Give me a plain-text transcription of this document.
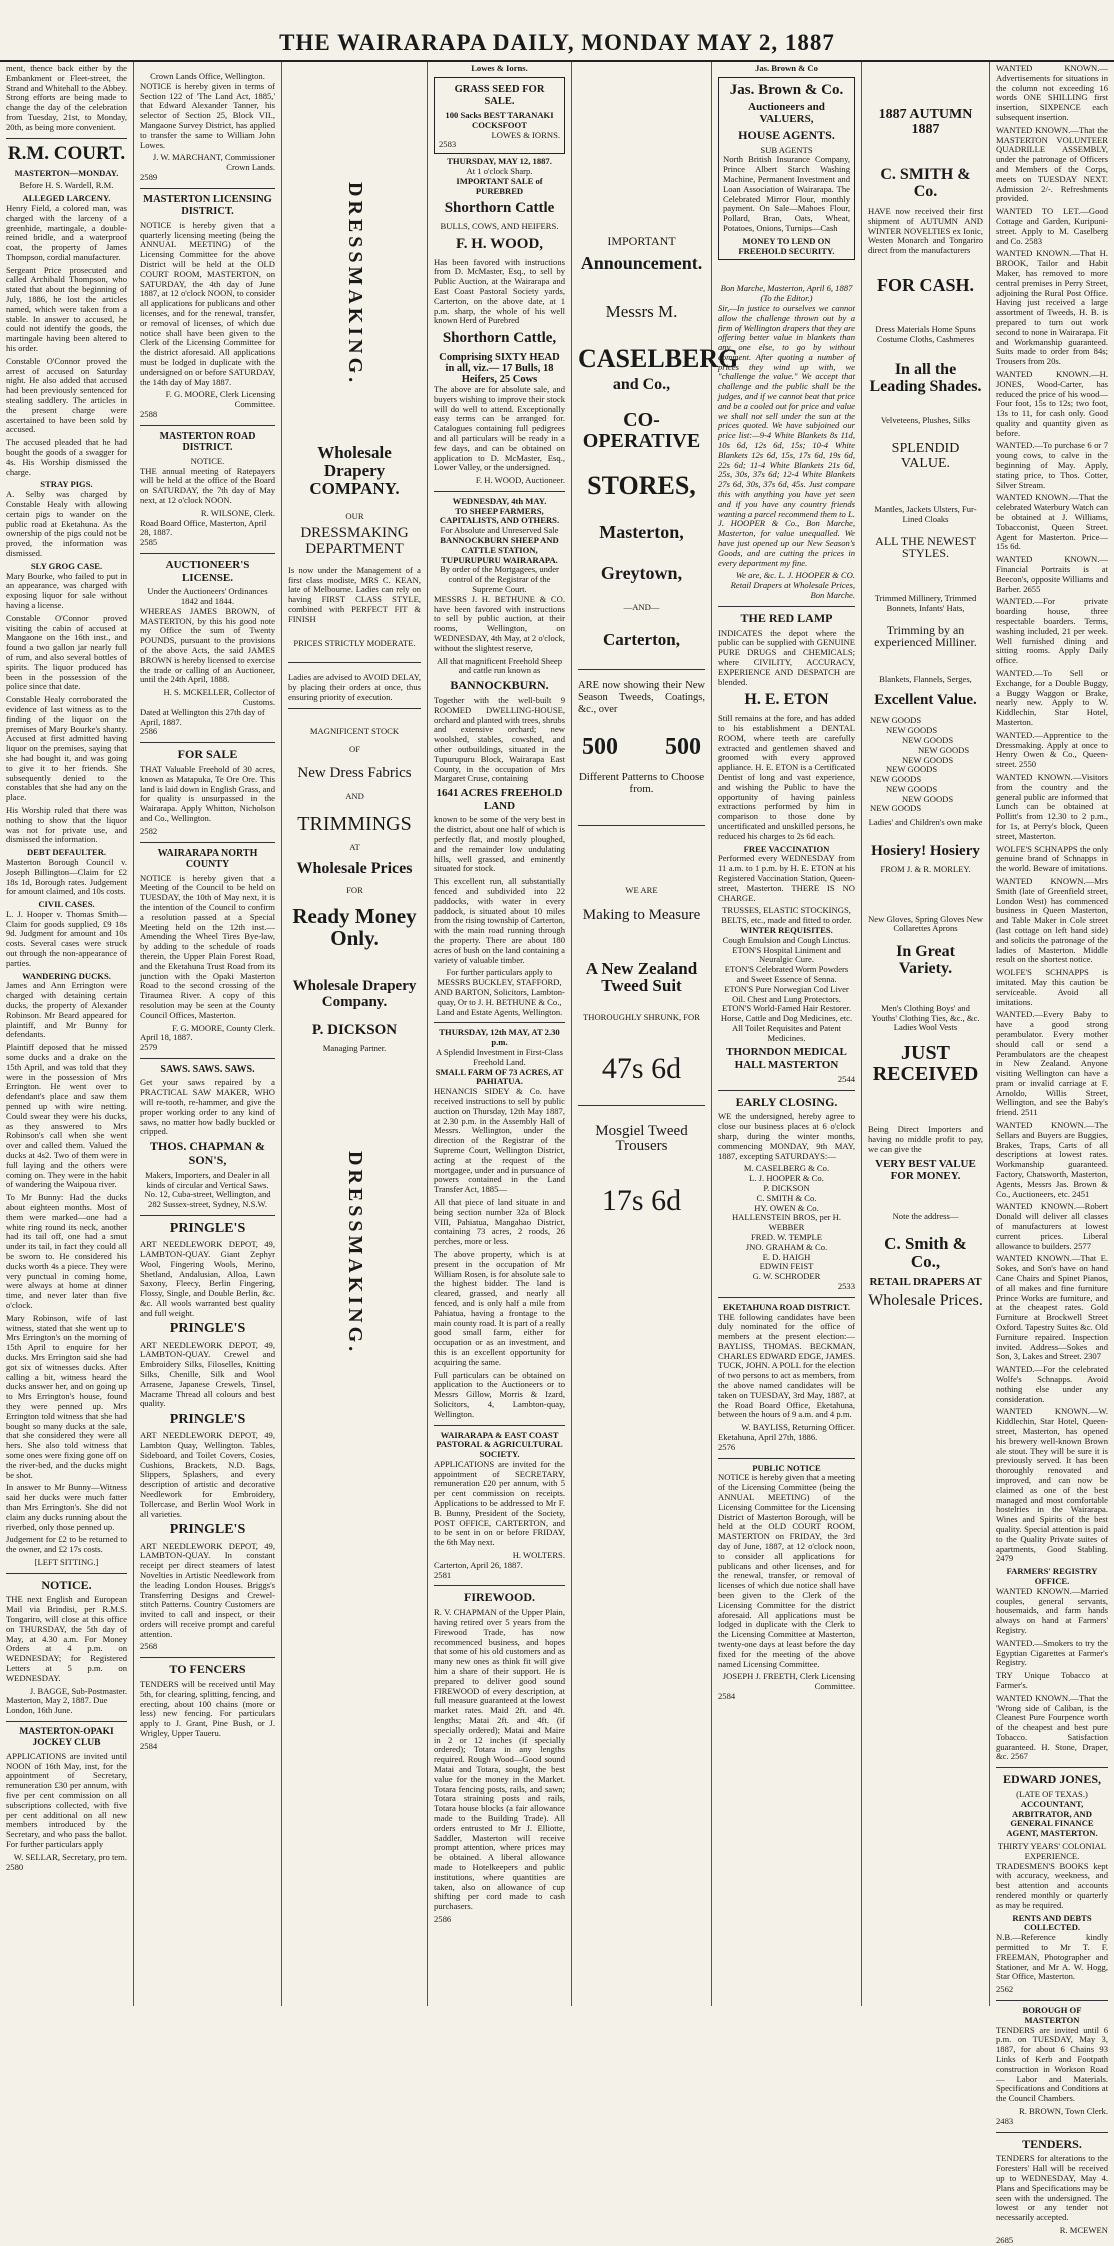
THE WAIRARAPA DAILY, MONDAY MAY 2, 1887

ment, thence back either by the Embankment or Fleet-street, the Strand and Whitehall to the Abbey. Strong efforts are being made to change the day of the celebration from Tuesday, 21st, to Monday, 20th, as being more convenient.

R.M. COURT.
MASTERTON—MONDAY.
Before H. S. Wardell, R.M.
ALLEGED LARCENY.

Henry Field, a colored man, was charged with the larceny of a greenhide, martingale, a double-reined bridle, and a waterproof coat, the property of James Thompson, cordial manufacturer.

Sergeant Price prosecuted and called Archibald Thompson, who stated that about the beginning of July, 1886, he lost the articles named, which were taken from a stable. In answer to accused, he could not identify the goods, the martingale having been altered to his order.

Constable O'Connor proved the arrest of accused on Saturday night. He also added that accused had been previously sentenced for stealing saddlery. The articles in the present charge were ascertained to have been sold by accused.

The accused pleaded that he had bought the goods of a swagger for 4s. His Worship dismissed the charge.

STRAY PIGS.

A. Selby was charged by Constable Healy with allowing certain pigs to wander on the public road at Eketahuna. As the ownership of the pigs could not be proved, the information was dismissed.

SLY GROG CASE.

Mary Bourke, who failed to put in an appearance, was charged with exposing liquor for sale without having a license.

Constable O'Connor proved visiting the cabin of accused at Mangaone on the 16th inst., and found a two gallon jar nearly full of rum, and also several bottles of spirits. The liquor produced has been in the possession of the police since that date.

Constable Healy corroborated the evidence of last witness as to the finding of the liquor on the premises of Mary Bourke's shanty. Accused at first admitted having liquor on the premises, saying that she had bought it, and was going to give it to her friends. She subsequently denied to the constables that she had any on the place.

His Worship ruled that there was nothing to show that the liquor was not for private use, and dismissed the information.

DEBT DEFAULTER.

Masterton Borough Council v. Joseph Billington—Claim for £2 18s 1d, Borough rates. Judgement for amount claimed, and 10s costs.

CIVIL CASES.

L. J. Hooper v. Thomas Smith—Claim for goods supplied, £9 18s 9d. Judgment for amount and 10s costs. Several cases were struck out through the non-appearance of parties.

WANDERING DUCKS.

James and Ann Errington were charged with detaining certain ducks, the property of Alexander Robinson. Mr Beard appeared for plaintiff, and Mr Bunny for defendants.

Plaintiff deposed that he missed some ducks and a drake on the 15th April, and was told that they were in the possession of Mrs Errington. He went over to defendant's place and saw them penned up with wire netting. Could swear they were his ducks, as they answered to Mrs Robinson's call when she went over and called them. Valued the ducks at 4s2. Two of them were in full laying and the others were coming on. They were in the habit of wandering the Waipoua river.

To Mr Bunny: Had the ducks about eighteen months. Most of them were marked—one had a white ring round its neck, another had its tail off, one had a smut under its tail, in fact they could all be sworn to. He considered his ducks worth 4s a piece. They were very punctual in coming home, were always at home at dinner time, and never later than five o'clock.

Mary Robinson, wife of last witness, stated that she went up to Mrs Errington's on the morning of 15th April to enquire for her ducks. Mrs Errington said she had got six of witnesses ducks. After calling a bit, witness heard the ducks answer her, and on going up to Mrs Errington's house, found they were penned up. Mrs Errington told witness that she had bought so many ducks at the sale, that she considered they were all hers. She also told witness that some ones were fixing gone off on the river-bed, and the ducks might be shot.

In answer to Mr Bunny—Witness said her ducks were much fatter than Mrs Errington's. She did not claim any ducks running about the riverbed, only those penned up.

Judgement for £2 to be returned to the owner, and £2 17s costs.

[LEFT SITTING.]
NOTICE.

THE next English and European Mail via Brindisi, per R.M.S. Tongariro, will close at this office on THURSDAY, the 5th day of May, at 4.30 a.m. For Money Orders at 4 p.m. on WEDNESDAY; for Registered Letters at 5 p.m. on WEDNESDAY.

J. BAGGE, Sub-Postmaster.
Masterton, May 2, 1887. Due London, 16th June.
MASTERTON-OPAKI JOCKEY CLUB

APPLICATIONS are invited until NOON of 16th May, inst, for the appointment of Secretary, remuneration £30 per annum, with five per cent commission on all subscriptions collected, with five per cent additional on all new members introduced by the Secretary, and who pass the ballot. For further particulars apply

W. SELLAR, Secretary, pro tem.
2580
Crown Lands Office, Wellington.

NOTICE is hereby given in terms of Section 122 of 'The Land Act, 1885,' that Edward Alexander Tanner, his selector of Section 25, Block VII., Mangaone Survey District, has applied to transfer the same to William John Lowes.

J. W. MARCHANT, Commissioner Crown Lands.
2589
MASTERTON LICENSING DISTRICT.

NOTICE is hereby given that a quarterly licensing meeting (being the ANNUAL MEETING) of the Licensing Committee for the above District will be held at the OLD COURT ROOM, MASTERTON, on SATURDAY, the 4th day of June 1887, at 12 o'clock NOON, to consider all applications for publicans and other licenses, and for the renewal, transfer, or removal of licenses, of which due notice shall have been given to the Clerk of the Licensing Committee for the district aforesaid. All applications must be lodged in duplicate with the undersigned on or before SATURDAY, the 14th day of May 1887.

F. G. MOORE, Clerk Licensing Committee.
2588
MASTERTON ROAD DISTRICT.
NOTICE.

THE annual meeting of Ratepayers will be held at the office of the Board on SATURDAY, the 7th day of May next, at 12 o'clock NOON.

R. WILSONE, Clerk.
Road Board Office, Masterton, April 28, 1887.
2585
AUCTIONEER'S LICENSE.
Under the Auctioneers' Ordinances 1842 and 1844.

WHEREAS JAMES BROWN, of MASTERTON, by this his good note my Office the sum of Twenty POUNDS, pursuant to the provisions of the above Acts, the said JAMES BROWN is hereby licensed to exercise the trade or calling of an Auctioneer, until the 24th April, 1888.

H. S. MCKELLER, Collector of Customs.
Dated at Wellington this 27th day of April, 1887.
2586
FOR SALE

THAT Valuable Freehold of 30 acres, known as Matapuka, Te Ore Ore. This land is laid down in English Grass, and for quality is unsurpassed in the Wairarapa. Apply Whitton, Nicholson and Co., Wellington.

2582
WAIRARAPA NORTH COUNTY

NOTICE is hereby given that a Meeting of the Council to be held on TUESDAY, the 10th of May next, it is the intention of the Council to confirm a resolution passed at a Special Meeting held on the 12th inst.—Amending the Wheel Tires Bye-law, by adding to the schedule of roads therein, the Upper Plain Forest Road, and the Eketahuna Trust Road from its junction with the Opaki Masterton Road to the second crossing of the Tiraumea River. A copy of this resolution may be seen at the County Council Offices, Masterton.

F. G. MOORE, County Clerk.
April 18, 1887.
2579
SAWS. SAWS. SAWS.

Get your saws repaired by a PRACTICAL SAW MAKER, WHO will re-tooth, re-hammer, and give the proper working order to any kind of saws, no matter how badly buckled or cripped.

THOS. CHAPMAN & SON'S,

Makers, Importers, and Dealer in all kinds of circular and Vertical Saws. No. 12, Cuba-street, Wellington, and 282 Sussex-street, Sydney, N.S.W.

PRINGLE'S

ART NEEDLEWORK DEPOT, 49, LAMBTON-QUAY. Giant Zephyr Wool, Fingering Wools, Merino, Shetland, Andalusian, Alloa, Lawn Saxony, Fleecy, Berlin Fingering, Flossy, Single, and Double Berlin, &c. &c. All wools warranted best quality and full weight.

PRINGLE'S

ART NEEDLEWORK DEPOT, 49, LAMBTON-QUAY. Crewel and Embroidery Silks, Filoselles, Knitting Silks, Chenille, Silk and Wool Arrasene, Japanese Crewels, Tinsel, Macrame Thread all colours and best quality.

PRINGLE'S

ART NEEDLEWORK DEPOT, 49, Lambton Quay, Wellington. Tables, Sideboard, and Toilet Covers, Cosies, Cushions, Brackets, N.D. Bags, Slippers, Splashers, and every description of artistic and decorative Needlework for Embroidery, Tollercase, and Berlin Wool Work in all varieties.

PRINGLE'S

ART NEEDLEWORK DEPOT, 49, LAMBTON-QUAY. In constant receipt per direct steamers of latest Novelties in Artistic Needlework from the leading London Houses. Briggs's Transferring Designs and Crewel-stitch Patterns. Country Customers are invited to call and inspect, or their orders will receive prompt and careful attention.

2568
TO FENCERS

TENDERS will be received until May 5th, for clearing, splitting, fencing, and erecting, about 100 chains (more or less) new fencing. For particulars apply to J. Grant, Pine Bush, or J. Wrigley, Upper Taueru.

2584
DRESSMAKING.
Wholesale Drapery COMPANY.
OUR
DRESSMAKING DEPARTMENT

Is now under the Management of a first class modiste, MRS C. KEAN, late of Melbourne. Ladies can rely on having FIRST CLASS STYLE, combined with PERFECT FIT & FINISH

PRICES STRICTLY MODERATE.

Ladies are advised to AVOID DELAY, by placing their orders at once, thus ensuring priority of execution.

MAGNIFICENT STOCK
OF
New Dress Fabrics
AND
TRIMMINGS
AT
Wholesale Prices
FOR
Ready Money Only.
Wholesale Drapery Company.
P. DICKSON
Managing Partner.
DRESSMAKING.
Lowes & Iorns.
GRASS SEED FOR SALE.
100 Sacks BEST TARANAKI COCKSFOOT
LOWES & IORNS.
2583
THURSDAY, MAY 12, 1887.
At 1 o'clock Sharp.
IMPORTANT SALE of PUREBRED
Shorthorn Cattle
BULLS, COWS, AND HEIFERS.
F. H. WOOD,

Has been favored with instructions from D. McMaster, Esq., to sell by Public Auction, at the Wairarapa and East Coast Pastoral Society yards, Carterton, on the above date, at 1 p.m. sharp, the whole of his well known Herd of Purebred

Shorthorn Cattle,
Comprising SIXTY HEAD in all, viz.— 17 Bulls, 18 Heifers, 25 Cows

The above are for absolute sale, and buyers wishing to improve their stock will do well to attend. Exceptionally easy terms can be arranged for. Catalogues containing full pedigrees and all particulars will be ready in a few days, and can be obtained on application to D. McMaster, Esq., Lower Valley, or the undersigned.

F. H. WOOD, Auctioneer.
WEDNESDAY, 4th MAY.
TO SHEEP FARMERS, CAPITALISTS, AND OTHERS.
For Absolute and Unreserved Sale
BANNOCKBURN SHEEP AND CATTLE STATION, TUPURUPURU WAIRARAPA.
By order of the Mortgagees, under control of the Registrar of the Supreme Court.

MESSRS J. H. BETHUNE & CO. have been favored with instructions to sell by public auction, at their rooms, Wellington, on WEDNESDAY, 4th May, at 2 o'clock, without the slightest reserve,

All that magnificent Freehold Sheep and cattle run known as
BANNOCKBURN.

Together with the well-built 9 ROOMED DWELLING-HOUSE, orchard and planted with trees, shrubs and extensive orchard; new woolshed, stables, cowshed, and other outbuildings, situated in the Tupurupuru Block, Wairarapa East County, in the occupation of Mrs Margaret Cruse, containing

1641 ACRES FREEHOLD LAND

known to be some of the very best in the district, about one half of which is perfectly flat, and mostly ploughed, and the remainder low undulating hills, well grassed, and eminently situated for stock.

This excellent run, all substantially fenced and subdivided into 22 paddocks, with water in every paddock, is situated about 10 miles from the rising township of Carterton, with the main road running through the property. There are about 180 acres of bush on the land containing a variety of valuable timber.

For further particulars apply to MESSRS BUCKLEY, STAFFORD, AND BARTON, Solicitors, Lambton-quay, Or to J. H. BETHUNE & Co., Land and Estate Agents, Wellington.

THURSDAY, 12th MAY, AT 2.30 p.m.
A Splendid Investment in First-Class Freehold Land.
SMALL FARM OF 73 ACRES, AT PAHIATUA.

HENANCIS SIDEY & Co. have received instructions to sell by public auction on Thursday, 12th May 1887, at 2.30 p.m. in the Assembly Hall of Messrs. Wellington, under the direction of the Registrar of the Supreme Court, Wellington District, acting at the request of the mortgagee, under and in pursuance of powers contained in the Land Transfer Act, 1885—

All that piece of land situate in and being section number 32a of Block VIII, Pahiatua, Mangahao District, containing 73 acres, 2 roods, 26 perches, more or less.

The above property, which is at present in the occupation of Mr William Rosen, is for absolute sale to the highest bidder. The land is cleared, grassed, and nearly all fenced, and is only half a mile from Pahiatua, having a frontage to the main county road. It is part of a really good small farm, either for occupation or as an investment, and this is an excellent opportunity for acquiring the same.

Full particulars can be obtained on application to the Auctioneers or to Messrs Gillow, Morris & Izard, Solicitors, 4, Lambton-quay, Wellington.

WAIRARAPA & EAST COAST PASTORAL & AGRICULTURAL SOCIETY.

APPLICATIONS are invited for the appointment of SECRETARY, remuneration £20 per annum, with 5 per cent commission on receipts. Applications to be addressed to Mr F. B. Bunny, President of the Society, POST OFFICE, CARTERTON, and to be sent in on or before FRIDAY, the 6th May next.

H. WOLTERS.
Carterton, April 26, 1887.
2581
FIREWOOD.

R. V. CHAPMAN of the Upper Plain, having retired over 5 years from the Firewood Trade, has now recommenced business, and hopes that some of his old customers and as many new ones as think fit will give him a share of their support. He is prepared to deliver good sound FIREWOOD of every description, at full measure guaranteed at the lowest market rates. Maid 2ft. and 4ft. lengths; Matai 2ft. and 4ft. (if specially ordered); Matai and Maire in 2 or 12 inches (if specially ordered); Totara in any lengths required. Rough Wood—Good sound Matai and Totara, sought, the best value for the money in the Market. Totara fencing posts, rails, and sawn; Totara straining posts and rails, Totara house blocks (a fair allowance made to the Building Trade). All orders entrusted to Mr J. Elliotte, Saddler, Masterton will receive prompt attention, where prices may be obtained. A liberal allowance made to Hotelkeepers and public institutions, where quantities are taken, also on allowance of cup shifting per cord made to cash purchasers.

2586
IMPORTANT
Announcement.
Messrs M.
CASELBERG
and Co.,
CO-OPERATIVE
STORES,
Masterton,
Greytown,
—AND—
Carterton,

ARE now showing their New Season Tweeds, Coatings, &c., over

500 500
Different Patterns to Choose from.
WE ARE
Making to Measure
A New Zealand Tweed Suit
THOROUGHLY SHRUNK, FOR
47s 6d
Mosgiel Tweed Trousers
17s 6d
Jas. Brown & Co
Jas. Brown & Co.
Auctioneers and VALUERS,
HOUSE AGENTS.
SUB AGENTS

North British Insurance Company, Prince Albert Starch Washing Machine, Permanent Investment and Loan Association of Wairarapa. The Celebrated Mirror Flour, monthly payment. On Sale—Mahoes Flour, Pollard, Bran, Oats, Wheat, Potatoes, Onions, Turnips—Cash

MONEY TO LEND ON FREEHOLD SECURITY.
Bon Marche, Masterton, April 6, 1887 (To the Editor.)

Sir,—In justice to ourselves we cannot allow the challenge thrown out by a firm of Wellington drapers that they are offering better value in blankets than any one else, to go by without comment. After quoting a number of prices they wind up with, we "challenge the value." We accept that challenge and the public shall be the judges, and if we cannot beat that price and be a cooled out for price and value we shall not sell under the sun at the prices quoted. We have subjoined our price list:—9-4 White Blankets 8s 11d, 10s 6d, 12s 6d, 15s; 10-4 White Blankets 12s 6d, 15s, 17s 6d, 19s 6d, 22s 6d; 11-4 White Blankets 21s 6d, 25s, 30s, 37s 6d; 12-4 White Blankets 27s 6d, 30s, 37s 6d, 45s. Just compare this with anything you have yet seen and if you have any country friends wanting a parcel recommend them to L. J. HOOPER & Co., Bon Marche, Masterton, for value unequalled. We have just opened up our New Season's Goods, and are cutting the prices in every department my fine.

We are, &c. L. J. HOOPER & CO. Retail Drapers at Wholesale Prices, Bon Marche.
THE RED LAMP

INDICATES the depot where the public can be supplied with GENUINE PURE DRUGS and CHEMICALS; where CIVILITY, ACCURACY, EXPERIENCE AND DESPATCH are blended.

H. E. ETON

Still remains at the fore, and has added to his establishment a DENTAL ROOM, where teeth are carefully extracted and gentlemen shaved and groomed with every approved appliance. H. E. ETON is a Certificated Dentist of long and vast experience, and wishing the Public to have the opportunity of having painless extractions performed by him in comparison to those done by uncertificated and unskilled persons, he reduced his charges to 2s 6d each.

FREE VACCINATION

Performed every WEDNESDAY from 11 a.m. to 1 p.m. by H. E. ETON at his Registered Vaccination Station, Queen-street, Masterton. THERE IS NO CHARGE.

TRUSSES, ELASTIC STOCKINGS, BELTS, etc., made and fitted to order.
WINTER REQUISITES.
Cough Emulsion and Cough Linctus.
ETON'S Hospital Liniment and Neuralgic Cure.
ETON'S Celebrated Worm Powders and Sweet Essence of Senna.
ETON'S Pure Norwegian Cod Liver Oil. Chest and Lung Protectors.
ETON'S World-Famed Hair Restorer. Horse, Cattle and Dog Medicines, etc.
All Toilet Requisites and Patent Medicines.
THORNDON MEDICAL HALL MASTERTON
2544
EARLY CLOSING.

WE the undersigned, hereby agree to close our business places at 6 o'clock sharp, during the winter months, commencing MONDAY, 9th MAY, 1887, excepting SATURDAYS:—

M. CASELBERG & Co.
L. J. HOOPER & Co.
P. DICKSON
C. SMITH & Co.
HY. OWEN & Co.
HALLENSTEIN BROS, per H. WEBBER
FRED. W. TEMPLE
JNO. GRAHAM & Co.
E. D. HAIGH
EDWIN FEIST
G. W. SCHRODER
2533
EKETAHUNA ROAD DISTRICT.

THE following candidates have been duly nominated for the office of members at the present election:— BAYLISS, THOMAS. BECKMAN, CHARLES EDWARD EDGE, JAMES. TUCK, JOHN. A POLL for the election of two persons to act as members, from the above named candidates will be taken on TUESDAY, 3rd May, 1887, at the Road Board Office, Eketahuna, between the hours of 9 a.m. and 4 p.m.

W. BAYLISS, Returning Officer.
Eketahuna, April 27th, 1886.
2576
PUBLIC NOTICE

NOTICE is hereby given that a meeting of the Licensing Committee (being the ANNUAL MEETING) of the Licensing Committee for the Licensing District of Masterton Borough, will be held at the OLD COURT ROOM, MASTERTON on FRIDAY, the 3rd day of June, 1887, at 12 o'clock noon, to consider all applications for publicans and other licenses, and for the renewal, transfer, or removal of licenses of which due notice shall have been given to the Clerk of the Licensing Committee for the district aforesaid. All applications must be lodged in duplicate with the Clerk to the Licensing Committee at Masterton, twenty-one days at least before the day fixed for the meeting of the above named Licensing Committee.

JOSEPH J. FREETH, Clerk Licensing Committee.
2584
1887 AUTUMN 1887
C. SMITH & Co.

HAVE now received their first shipment of AUTUMN AND WINTER NOVELTIES ex Ionic, Westen Monarch and Tongariro direct from the manufacturers

FOR CASH.
Dress Materials Home Spuns Costume Cloths, Cashmeres
In all the Leading Shades.
Velveteens, Plushes, Silks
SPLENDID VALUE.
Mantles, Jackets Ulsters, Fur-Lined Cloaks
ALL THE NEWEST STYLES.
Trimmed Millinery, Trimmed Bonnets, Infants' Hats,
Trimming by an experienced Milliner.
Blankets, Flannels, Serges,
Excellent Value.
NEW GOODS
NEW GOODS
NEW GOODS
NEW GOODS
NEW GOODS
NEW GOODS
NEW GOODS
NEW GOODS
NEW GOODS
NEW GOODS
Ladies' and Children's own make
Hosiery! Hosiery
FROM J. & R. MORLEY.
New Gloves, Spring Gloves New Collarettes Aprons
In Great Variety.
Men's Clothing Boys' and Youths' Clothing Ties, &c., &c. Ladies Wool Vests
JUST RECEIVED

Being Direct Importers and having no middle profit to pay, we can give the

VERY BEST VALUE FOR MONEY.
Note the address—
C. Smith & Co.,
RETAIL DRAPERS AT
Wholesale Prices.

WANTED KNOWN.—Advertisements for situations in the column not exceeding 16 words ONE SHILLING first insertion, SIXPENCE each subsequent insertion.

WANTED KNOWN.—That the MASTERTON VOLUNTEER QUADRILLE ASSEMBLY, under the patronage of Officers and Members of the Corps, meets on TUESDAY NEXT. Admission 2/-. Refreshments provided.

WANTED TO LET.—Good Cottage and Garden, Kuripuni-street. Apply to M. Caselberg and Co. 2583

WANTED KNOWN.—That H. BROOK, Tailor and Habit Maker, has removed to more central premises in Perry Street, adjoining the Rural Post Office. Having just received a large assortment of Tweeds, H. B. is prepared to turn out work second to none in Wairarapa. Fit and Workmanship guaranteed. Suits made to order from 84s; Trousers from 20s.

WANTED KNOWN.—H. JONES, Wood-Carter, has reduced the price of his wood—Four foot, 15s to 12s; two foot, 13s to 11, for cash only. Good quality and quantity given as before.

WANTED.—To purchase 6 or 7 young cows, to calve in the beginning of May. Apply, stating price, to Thos. Cotter, Silver Stream.

WANTED KNOWN.—That the celebrated Waterbury Watch can be obtained at J. Williams, Tobacconist, Queen Street. Agent for Masterton. Price—15s 6d.

WANTED KNOWN.—Financial Portraits is at Beecon's, opposite Williams and Barber. 2655

WANTED.—For private boarding house, three respectable boarders. Terms, washing included, 21 per week. Well furnished dining and sitting rooms. Apply Daily office.

WANTED.—To Sell or Exchange, for a Double Buggy, a Buggy Waggon or Brake, nearly new. Apply to W. Kiddlechin, Star Hotel, Masterton.

WANTED.—Apprentice to the Dressmaking. Apply at once to Henry Owen & Co., Queen-street. 2550

WANTED KNOWN.—Visitors from the country and the general public are informed that Lunch can be obtained at Pollitt's from 12.30 to 2 p.m., for 1s, at Perry's block, Queen street, Masterton.

WOLFE'S SCHNAPPS the only genuine brand of Schnapps in the world. Beware of imitations.

WANTED KNOWN.—Mrs Smith (late of Greenfield street, London West) has commenced business in Queen Masterton, and Table Maker in Cole street (last cottage on left hand side) and solicits the patronage of the ladies of Masterton. Middle result on the shortest notice.

WOLFE'S SCHNAPPS is imitated. May this caution be serviceable. Avoid all imitations.

WANTED.—Every Baby to have a good strong perambulator. Every mother should call or send a Perambulators are the cheapest in New Zealand. Anyone visiting Wellington can have a pram or invalid carriage at F. Arnoldo, Willis Street, Wellington, and see the Baby's friend. 2511

WANTED KNOWN.—The Sellars and Buyers are Buggies, Brakes, Traps, Carts of all descriptions at lowest rates. Workmanship guaranteed. Factory, Chatsworth, Masterton, Agents, Messrs Jas. Brown & Co., Auctioneers, etc. 2451

WANTED KNOWN.—Robert Donald will deliver all classes of manufacturers at lowest current prices. Liberal allowance to builders. 2577

WANTED KNOWN.—That E. Sokes, and Son's have on hand Cane Chairs and Spinet Pianos, of all makes and fine furniture Prince Works are furniture, and at the cheapest rates. Gold Furniture at Brockwell Street Oxford. Tapestry Suites &c. Old Furniture repaired. Inspection invited. Address—Sokes and Son, 3, Lakes and Street. 2307

WANTED.—For the celebrated Wolfe's Schnapps. Avoid nothing else under any consideration.

WANTED KNOWN.—W. Kiddlechin, Star Hotel, Queen-street, Masterton, has opened his brewery well-known Brown ale stout. They will be sure it is previously served. It has been thoroughly renovated and improved, and can now be claimed as one of the best managed and most comfortable hostelries in the Wairarapa. Wines and Spirits of the best quality. Special attention is paid to the Quality Private suites of apartments, Good Stabling. 2479

FARMERS' REGISTRY OFFICE.

WANTED KNOWN.—Married couples, general servants, housemaids, and farm hands always on hand at Farmers' Registry.

WANTED.—Smokers to try the Egyptian Cigarettes at Farmer's Registry.

TRY Unique Tobacco at Farmer's.

WANTED KNOWN.—That the 'Wrong side of Caliban, is the Cleanest Pure Fourpence worth of the cheapest and best pure Tobacco. Satisfaction guaranteed. H. Stone, Draper, &c. 2567

EDWARD JONES,
(LATE OF TEXAS.)
ACCOUNTANT, ARBITRATOR, AND GENERAL FINANCE AGENT, MASTERTON.
THIRTY YEARS' COLONIAL EXPERIENCE.

TRADESMEN'S BOOKS kept with accuracy, weekness, and best attention and accounts rendered monthly or quarterly as may be required.

RENTS AND DEBTS COLLECTED.

N.B.—Reference kindly permitted to Mr T. F. FREEMAN, Photographer and Stationer, and Mr A. W. Hogg, Star Office, Masterton.

2562
BOROUGH OF MASTERTON

TENDERS are invited until 6 p.m. on TUESDAY, May 3, 1887, for about 6 Chains 93 Links of Kerb and Footpath construction in Workson Road — Labor and Materials. Specifications and Conditions at the Council Chambers.

R. BROWN, Town Clerk.
2483
TENDERS.

TENDERS for alterations to the Foresters' Hall will be received up to WEDNESDAY, May 4. Plans and Specifications may be seen with the undersigned. The lowest or any tender not necessarily accepted.

R. MCEWEN
2685
